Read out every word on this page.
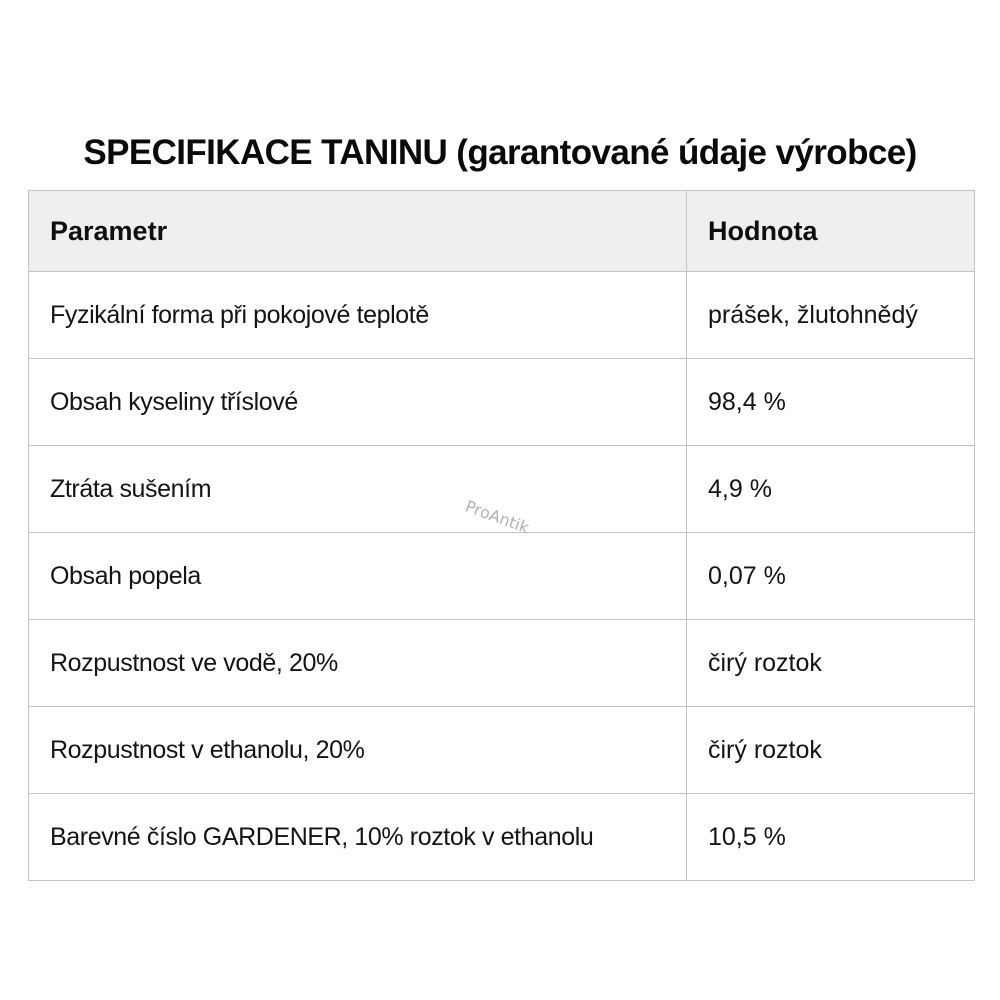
SPECIFIKACE TANINU (garantované údaje výrobce)
Parametr	Hodnota
Fyzikální forma při pokojové teplotě	prášek, žlutohnědý
Obsah kyseliny tříslové	98,4 %
Ztráta sušením	4,9 %
Obsah popela	0,07 %
Rozpustnost ve vodě, 20%	čirý roztok
Rozpustnost v ethanolu, 20%	čirý roztok
Barevné číslo GARDENER, 10% roztok v ethanolu	10,5 %
ProAntik
